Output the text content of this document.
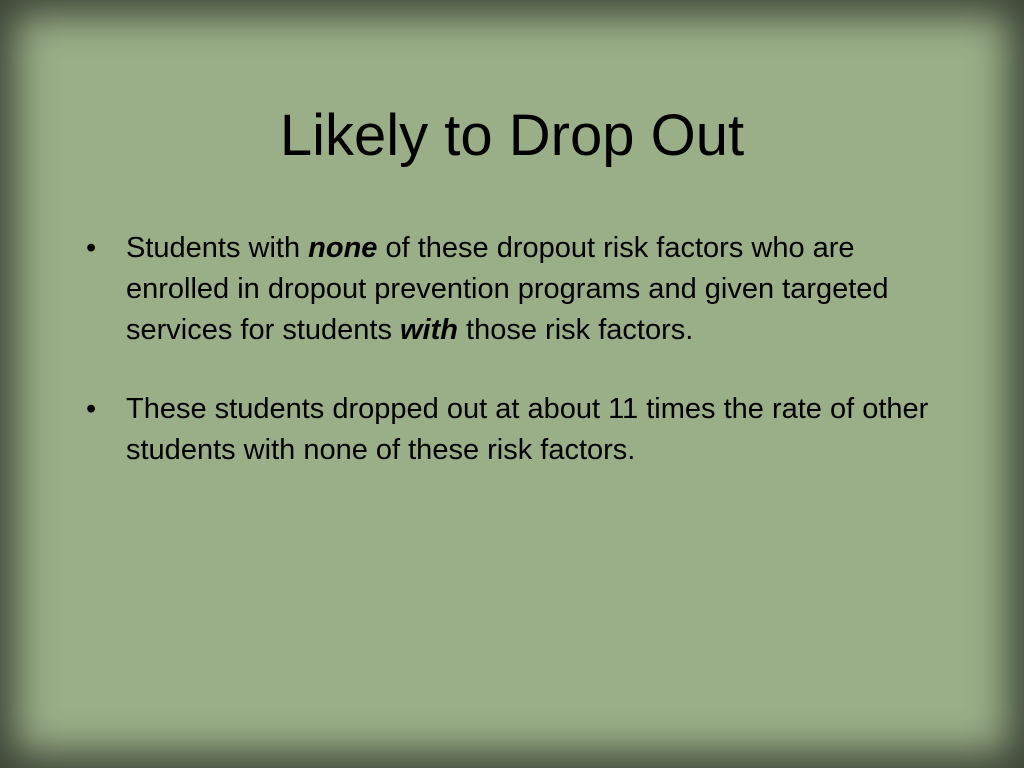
Likely to Drop Out
•	Students with none of these dropout risk factors who are enrolled in dropout prevention programs and given targeted services for students with those risk factors.
•	These students dropped out at about 11 times the rate of other students with none of these risk factors.
